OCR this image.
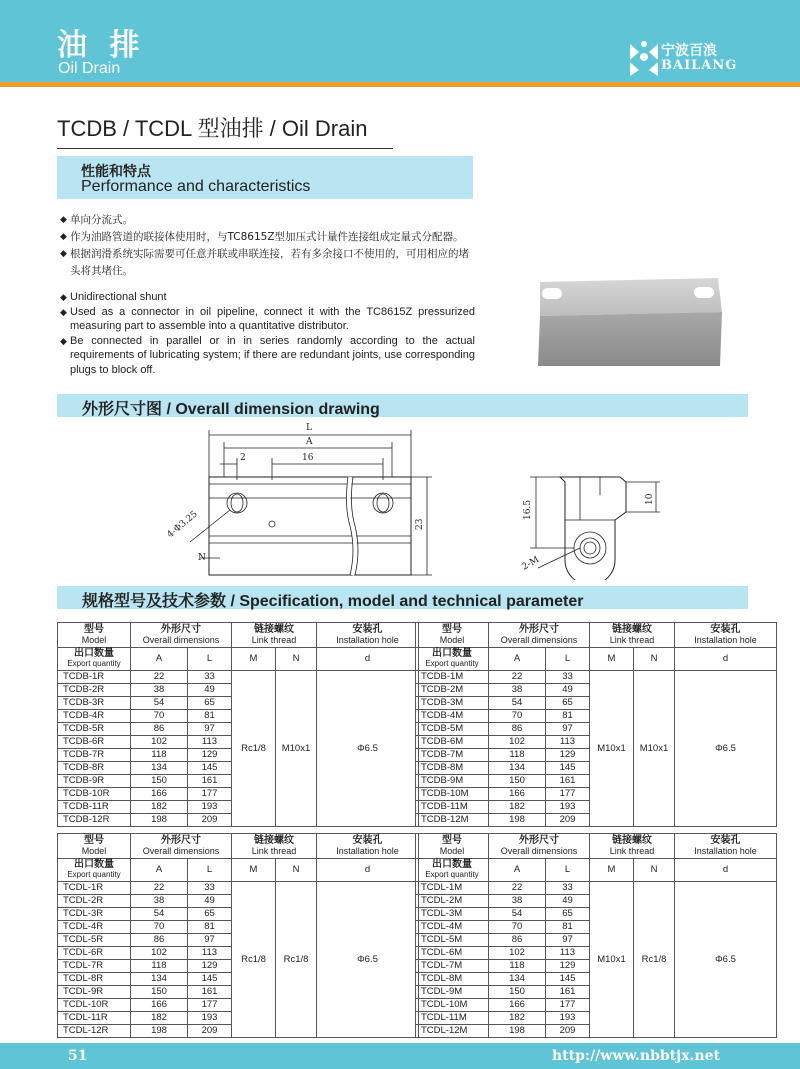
油 排
Oil Drain
宁波百浪
BAILANG
TCDB / TCDL 型油排 / Oil Drain
性能和特点
Performance and characteristics
◆ 单向分流式。
◆ 作为油路管道的联接体使用时，与TC8615Z型加压式计量件连接组成定量式分配器。
◆ 根据润滑系统实际需要可任意并联或串联连接，若有多余接口不使用的，可用相应的堵头将其堵住。
◆ Unidirectional shunt
◆ Used as a connector in oil pipeline, connect it with the TC8615Z pressurized measuring part to assemble into a quantitative distributor.
◆ Be connected in parallel or in in series randomly according to the actual requirements of lubricating system; if there are redundant joints, use corresponding plugs to block off.
外形尺寸图 / Overall dimension drawing
L
A
2	16
23
4-Φ3.25
N
16.5
10
2-M
规格型号及技术参数 / Specification, model and technical parameter
型号
Model	外形尺寸
Overall dimensions		链接螺纹
Link thread		安装孔
Installation hole
出口数量
Export quantity	A	L	M	N	d
TCDB-1R	22	33	Rc1/8	M10x1	Φ6.5
TCDB-2R	38	49			
TCDB-3R	54	65			
TCDB-4R	70	81			
TCDB-5R	86	97			
TCDB-6R	102	113			
TCDB-7R	118	129			
TCDB-8R	134	145			
TCDB-9R	150	161			
TCDB-10R	166	177			
TCDB-11R	182	193			
TCDB-12R	198	209			
型号
Model	外形尺寸
Overall dimensions		链接螺纹
Link thread		安装孔
Installation hole
出口数量
Export quantity	A	L	M	N	d
TCDB-1M	22	33	M10x1	M10x1	Φ6.5
TCDB-2M	38	49			
TCDB-3M	54	65			
TCDB-4M	70	81			
TCDB-5M	86	97			
TCDB-6M	102	113			
TCDB-7M	118	129			
TCDB-8M	134	145			
TCDB-9M	150	161			
TCDB-10M	166	177			
TCDB-11M	182	193			
TCDB-12M	198	209			
型号
Model	外形尺寸
Overall dimensions		链接螺纹
Link thread		安装孔
Installation hole
出口数量
Export quantity	A	L	M	N	d
TCDL-1R	22	33	Rc1/8	Rc1/8	Φ6.5
TCDL-2R	38	49			
TCDL-3R	54	65			
TCDL-4R	70	81			
TCDL-5R	86	97			
TCDL-6R	102	113			
TCDL-7R	118	129			
TCDL-8R	134	145			
TCDL-9R	150	161			
TCDL-10R	166	177			
TCDL-11R	182	193			
TCDL-12R	198	209			
型号
Model	外形尺寸
Overall dimensions		链接螺纹
Link thread		安装孔
Installation hole
出口数量
Export quantity	A	L	M	N	d
TCDL-1M	22	33	M10x1	Rc1/8	Φ6.5
TCDL-2M	38	49			
TCDL-3M	54	65			
TCDL-4M	70	81			
TCDL-5M	86	97			
TCDL-6M	102	113			
TCDL-7M	118	129			
TCDL-8M	134	145			
TCDL-9M	150	161			
TCDL-10M	166	177			
TCDL-11M	182	193			
TCDL-12M	198	209			
51	http://www.nbbtjx.net
